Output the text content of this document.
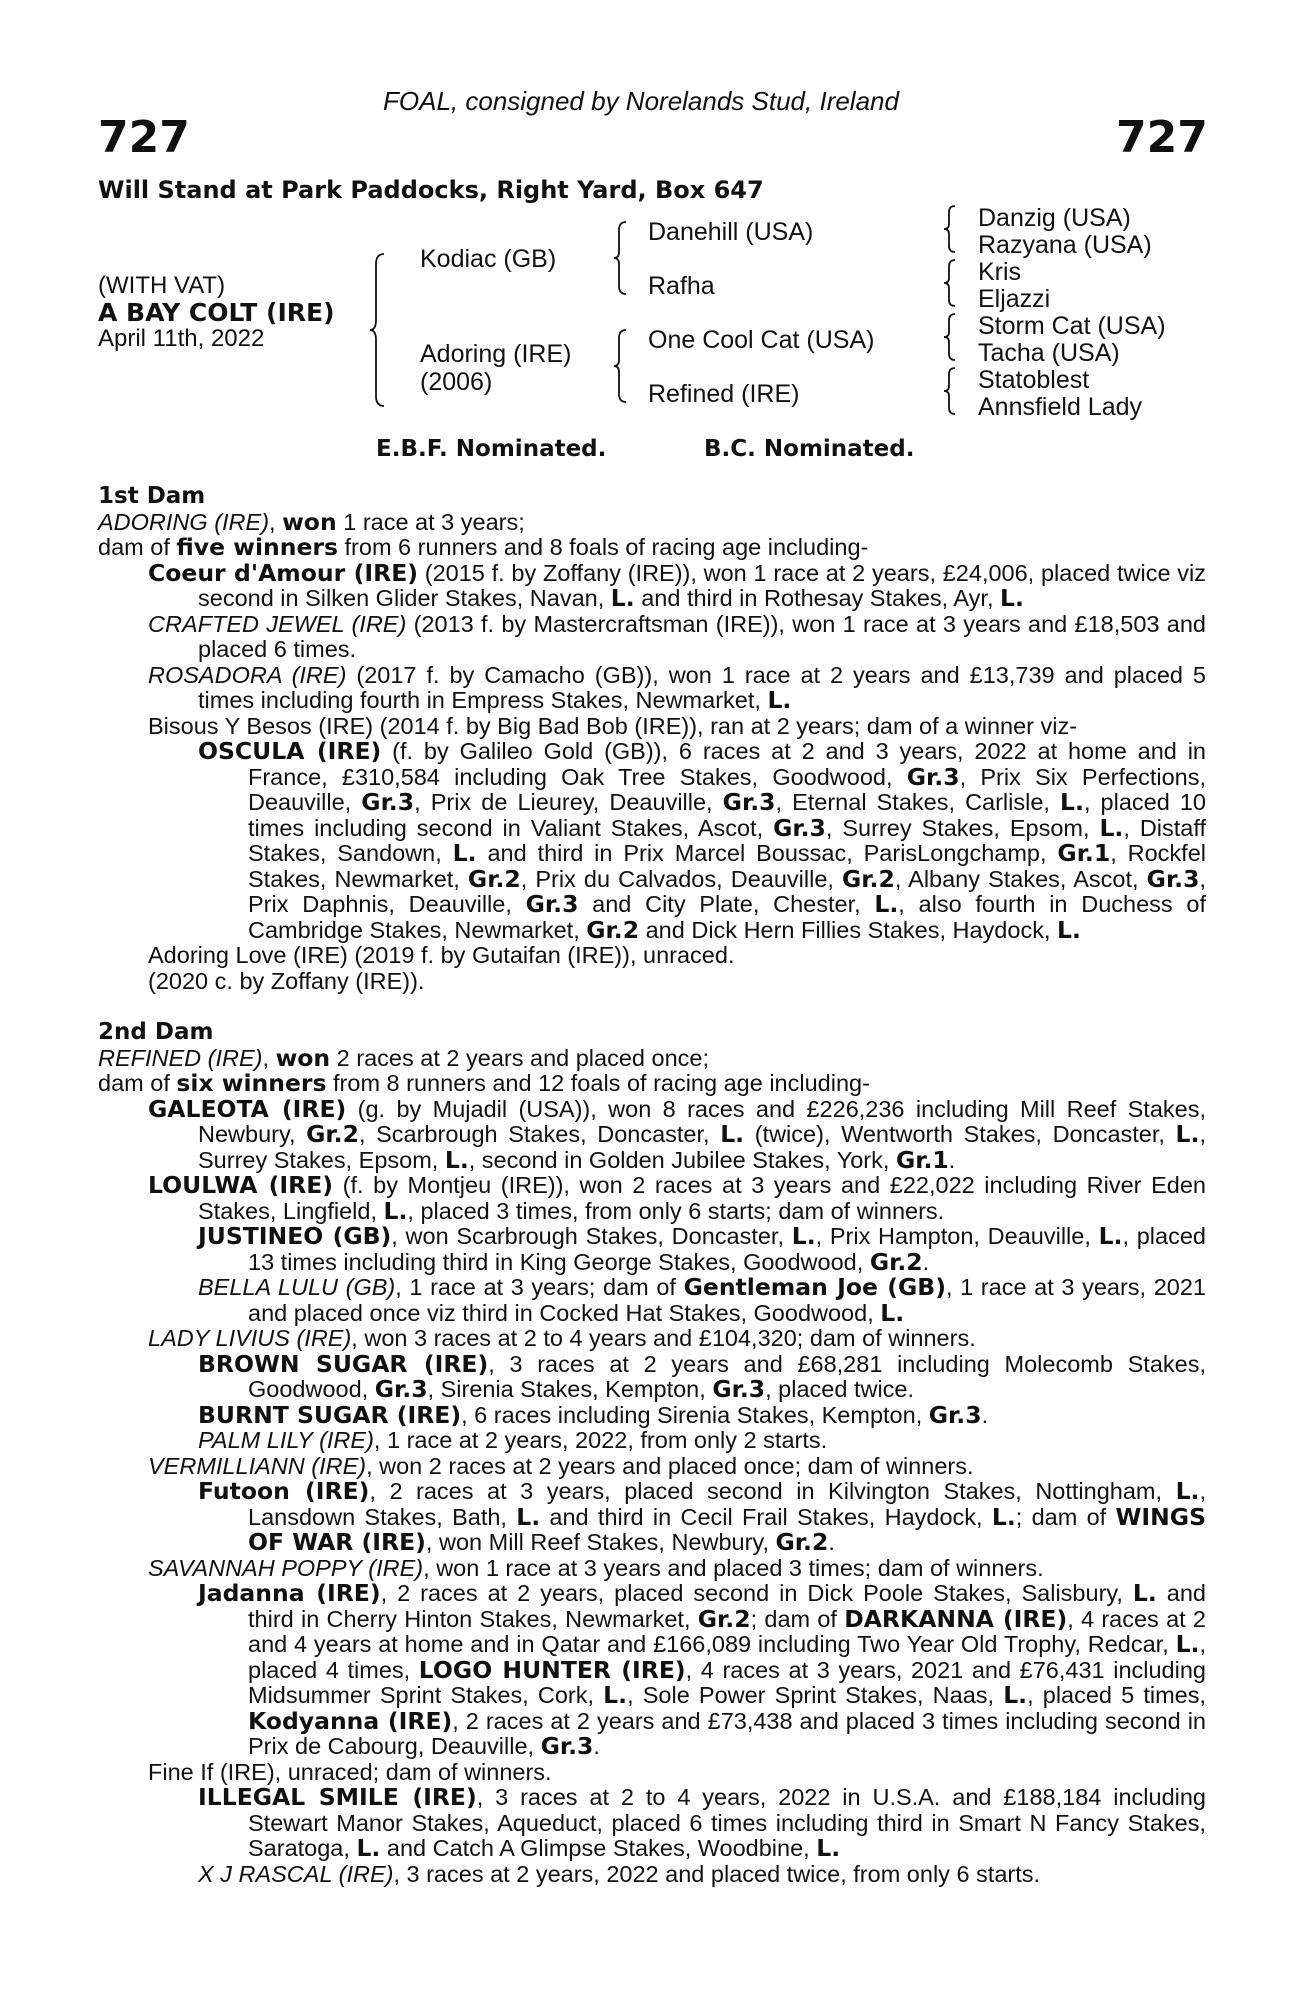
FOAL, consigned by Norelands Stud, Ireland
727	727
Will Stand at Park Paddocks, Right Yard, Box 647
(WITH VAT)
A BAY COLT (IRE)
April 11th, 2022
Kodiac (GB)
Adoring (IRE)
(2006)
Danehill (USA)
Rafha
One Cool Cat (USA)
Refined (IRE)
Danzig (USA)
Razyana (USA)
Kris
Eljazzi
Storm Cat (USA)
Tacha (USA)
Statoblest
Annsfield Lady
E.B.F. Nominated.	B.C. Nominated.
1st Dam
ADORING (IRE), won 1 race at 3 years;
dam of five winners from 6 runners and 8 foals of racing age including-
Coeur d'Amour (IRE) (2015 f. by Zoffany (IRE)), won 1 race at 2 years, £24,006, placed twice viz second in Silken Glider Stakes, Navan, L. and third in Rothesay Stakes, Ayr, L.
CRAFTED JEWEL (IRE) (2013 f. by Mastercraftsman (IRE)), won 1 race at 3 years and £18,503 and placed 6 times.
ROSADORA (IRE) (2017 f. by Camacho (GB)), won 1 race at 2 years and £13,739 and placed 5 times including fourth in Empress Stakes, Newmarket, L.
Bisous Y Besos (IRE) (2014 f. by Big Bad Bob (IRE)), ran at 2 years; dam of a winner viz-
OSCULA (IRE) (f. by Galileo Gold (GB)), 6 races at 2 and 3 years, 2022 at home and in France, £310,584 including Oak Tree Stakes, Goodwood, Gr.3, Prix Six Perfections, Deauville, Gr.3, Prix de Lieurey, Deauville, Gr.3, Eternal Stakes, Carlisle, L., placed 10 times including second in Valiant Stakes, Ascot, Gr.3, Surrey Stakes, Epsom, L., Distaff Stakes, Sandown, L. and third in Prix Marcel Boussac, ParisLongchamp, Gr.1, Rockfel Stakes, Newmarket, Gr.2, Prix du Calvados, Deauville, Gr.2, Albany Stakes, Ascot, Gr.3, Prix Daphnis, Deauville, Gr.3 and City Plate, Chester, L., also fourth in Duchess of Cambridge Stakes, Newmarket, Gr.2 and Dick Hern Fillies Stakes, Haydock, L.
Adoring Love (IRE) (2019 f. by Gutaifan (IRE)), unraced.
(2020 c. by Zoffany (IRE)).
2nd Dam
REFINED (IRE), won 2 races at 2 years and placed once;
dam of six winners from 8 runners and 12 foals of racing age including-
GALEOTA (IRE) (g. by Mujadil (USA)), won 8 races and £226,236 including Mill Reef Stakes, Newbury, Gr.2, Scarbrough Stakes, Doncaster, L. (twice), Wentworth Stakes, Doncaster, L., Surrey Stakes, Epsom, L., second in Golden Jubilee Stakes, York, Gr.1.
LOULWA (IRE) (f. by Montjeu (IRE)), won 2 races at 3 years and £22,022 including River Eden Stakes, Lingfield, L., placed 3 times, from only 6 starts; dam of winners.
JUSTINEO (GB), won Scarbrough Stakes, Doncaster, L., Prix Hampton, Deauville, L., placed 13 times including third in King George Stakes, Goodwood, Gr.2.
BELLA LULU (GB), 1 race at 3 years; dam of Gentleman Joe (GB), 1 race at 3 years, 2021 and placed once viz third in Cocked Hat Stakes, Goodwood, L.
LADY LIVIUS (IRE), won 3 races at 2 to 4 years and £104,320; dam of winners.
BROWN SUGAR (IRE), 3 races at 2 years and £68,281 including Molecomb Stakes, Goodwood, Gr.3, Sirenia Stakes, Kempton, Gr.3, placed twice.
BURNT SUGAR (IRE), 6 races including Sirenia Stakes, Kempton, Gr.3.
PALM LILY (IRE), 1 race at 2 years, 2022, from only 2 starts.
VERMILLIANN (IRE), won 2 races at 2 years and placed once; dam of winners.
Futoon (IRE), 2 races at 3 years, placed second in Kilvington Stakes, Nottingham, L., Lansdown Stakes, Bath, L. and third in Cecil Frail Stakes, Haydock, L.; dam of WINGS OF WAR (IRE), won Mill Reef Stakes, Newbury, Gr.2.
SAVANNAH POPPY (IRE), won 1 race at 3 years and placed 3 times; dam of winners.
Jadanna (IRE), 2 races at 2 years, placed second in Dick Poole Stakes, Salisbury, L. and third in Cherry Hinton Stakes, Newmarket, Gr.2; dam of DARKANNA (IRE), 4 races at 2 and 4 years at home and in Qatar and £166,089 including Two Year Old Trophy, Redcar, L., placed 4 times, LOGO HUNTER (IRE), 4 races at 3 years, 2021 and £76,431 including Midsummer Sprint Stakes, Cork, L., Sole Power Sprint Stakes, Naas, L., placed 5 times, Kodyanna (IRE), 2 races at 2 years and £73,438 and placed 3 times including second in Prix de Cabourg, Deauville, Gr.3.
Fine If (IRE), unraced; dam of winners.
ILLEGAL SMILE (IRE), 3 races at 2 to 4 years, 2022 in U.S.A. and £188,184 including Stewart Manor Stakes, Aqueduct, placed 6 times including third in Smart N Fancy Stakes, Saratoga, L. and Catch A Glimpse Stakes, Woodbine, L.
X J RASCAL (IRE), 3 races at 2 years, 2022 and placed twice, from only 6 starts.
